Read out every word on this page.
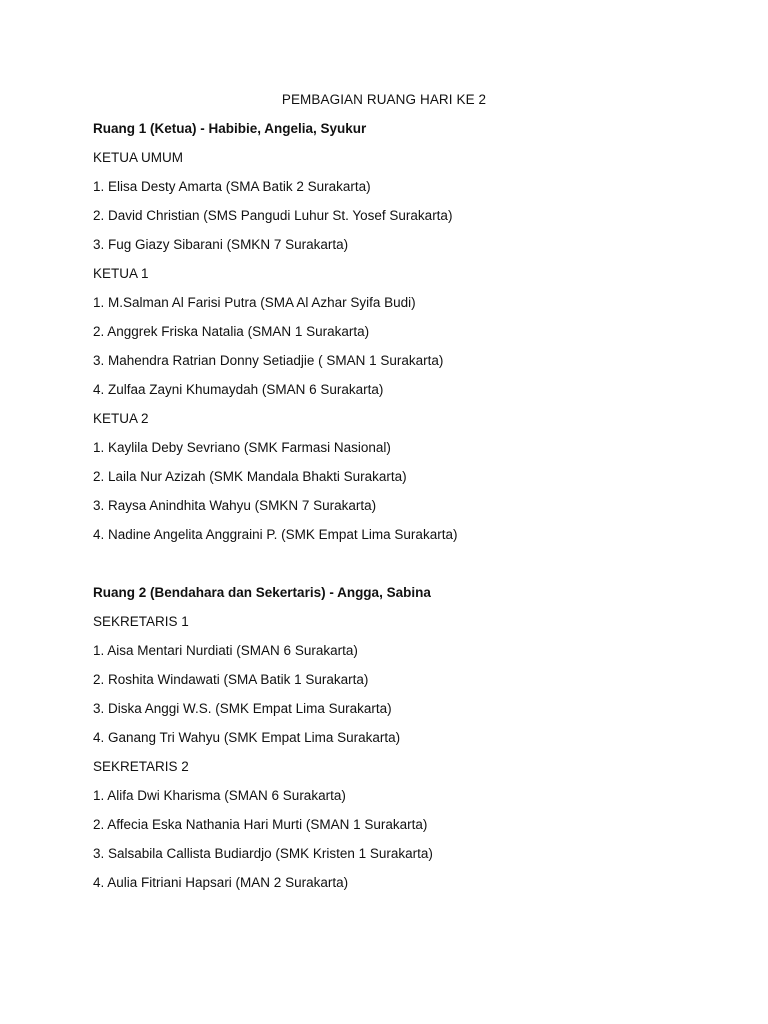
PEMBAGIAN RUANG HARI KE 2
Ruang 1 (Ketua) - Habibie, Angelia, Syukur
KETUA UMUM
1. Elisa Desty Amarta (SMA Batik 2 Surakarta)
2. David Christian (SMS Pangudi Luhur St. Yosef Surakarta)
3. Fug Giazy Sibarani (SMKN 7 Surakarta)
KETUA 1
1. M.Salman Al Farisi Putra (SMA Al Azhar Syifa Budi)
2. Anggrek Friska Natalia (SMAN 1 Surakarta)
3. Mahendra Ratrian Donny Setiadjie ( SMAN 1 Surakarta)
4. Zulfaa Zayni Khumaydah (SMAN 6 Surakarta)
KETUA 2
1. Kaylila Deby Sevriano (SMK Farmasi Nasional)
2. Laila Nur Azizah (SMK Mandala Bhakti Surakarta)
3. Raysa Anindhita Wahyu (SMKN 7 Surakarta)
4. Nadine Angelita Anggraini P. (SMK Empat Lima Surakarta)
Ruang 2 (Bendahara dan Sekertaris) - Angga, Sabina
SEKRETARIS 1
1. Aisa Mentari Nurdiati (SMAN 6 Surakarta)
2. Roshita Windawati (SMA Batik 1 Surakarta)
3. Diska Anggi W.S. (SMK Empat Lima Surakarta)
4. Ganang Tri Wahyu (SMK Empat Lima Surakarta)
SEKRETARIS 2
1. Alifa Dwi Kharisma (SMAN 6 Surakarta)
2. Affecia Eska Nathania Hari Murti (SMAN 1 Surakarta)
3. Salsabila Callista Budiardjo (SMK Kristen 1 Surakarta)
4. Aulia Fitriani Hapsari (MAN 2 Surakarta)
